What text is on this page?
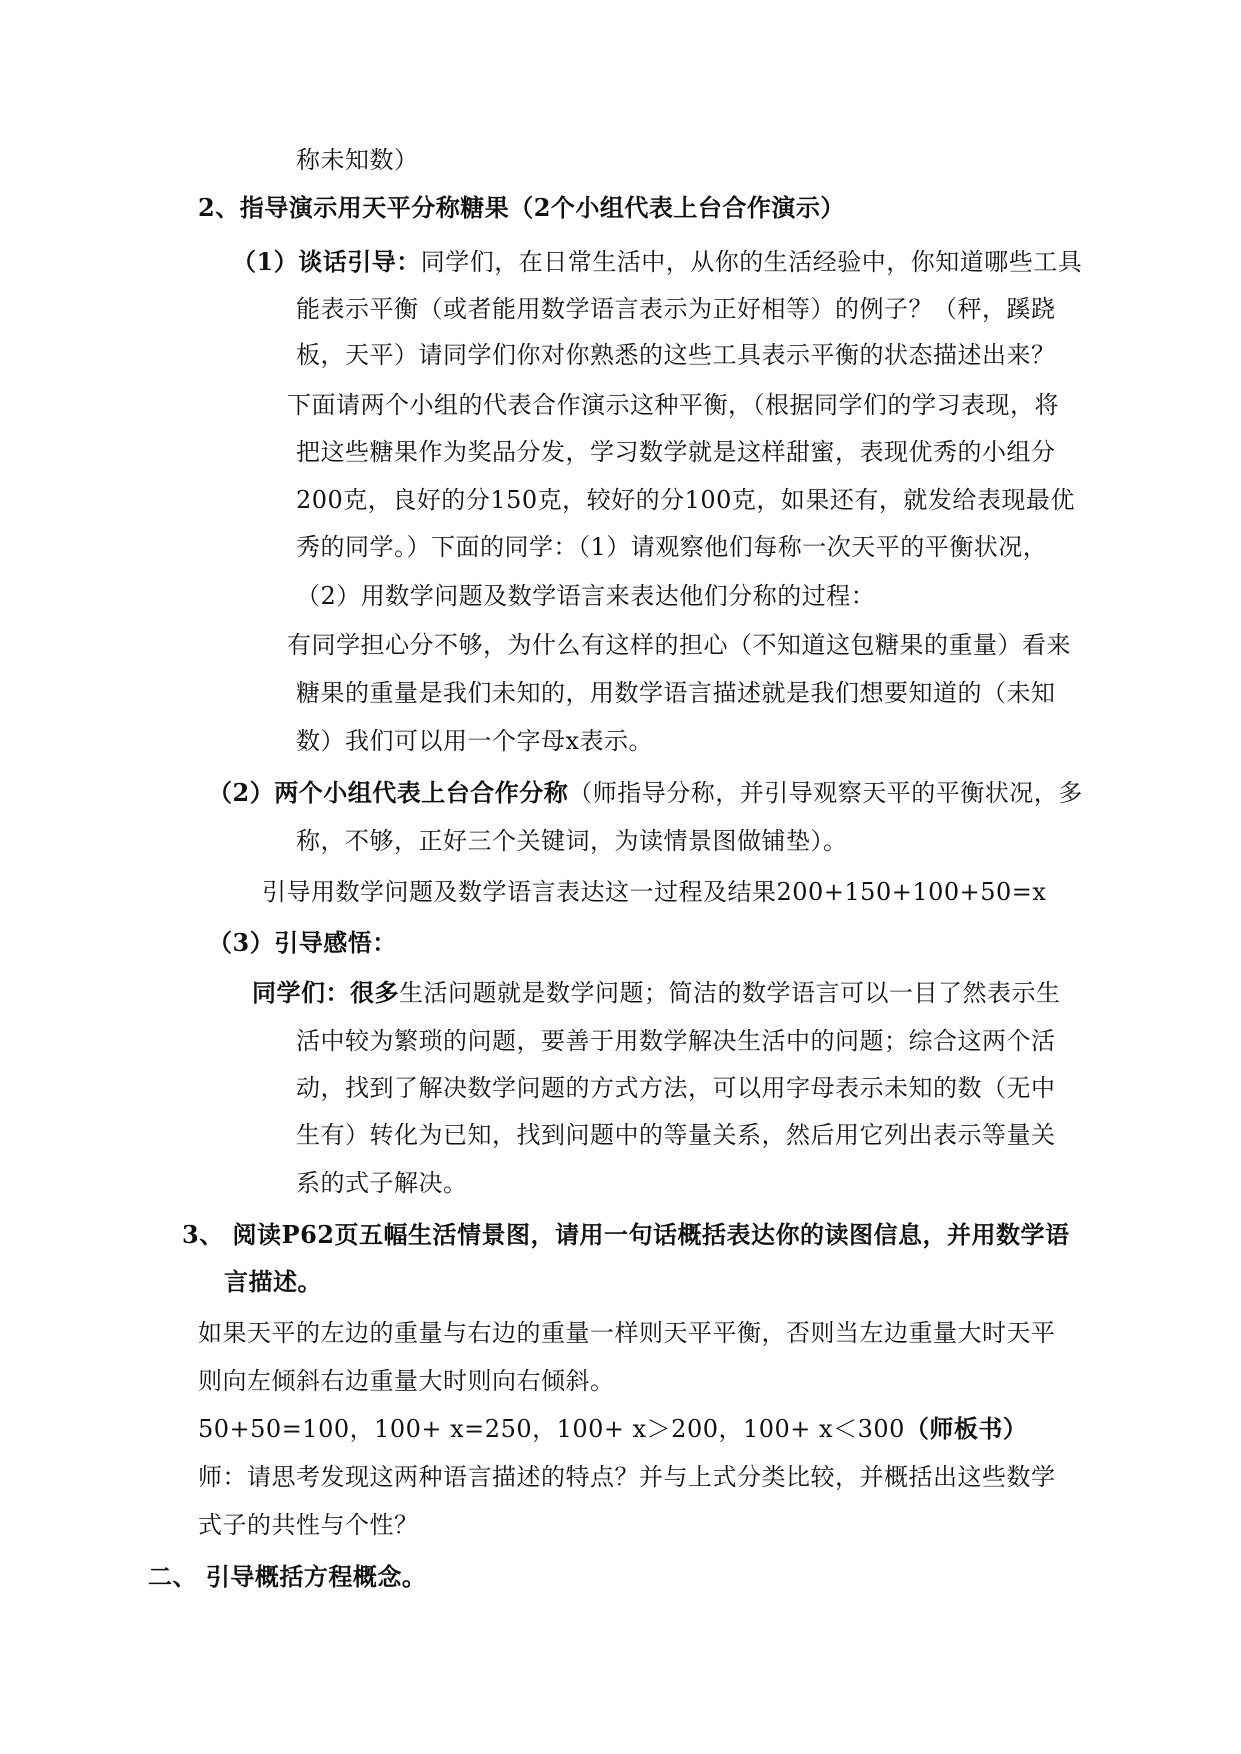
称未知数）
2、指导演示用天平分称糖果（2个小组代表上台合作演示）
（1）谈话引导：同学们，在日常生活中，从你的生活经验中，你知道哪些工具
能表示平衡（或者能用数学语言表示为正好相等）的例子？（秤，蹊跷
板，天平）请同学们你对你熟悉的这些工具表示平衡的状态描述出来？
下面请两个小组的代表合作演示这种平衡，（根据同学们的学习表现，将
把这些糖果作为奖品分发，学习数学就是这样甜蜜，表现优秀的小组分
200克，良好的分150克，较好的分100克，如果还有，就发给表现最优
秀的同学。）下面的同学：（1）请观察他们每称一次天平的平衡状况，
（2）用数学问题及数学语言来表达他们分称的过程：
有同学担心分不够，为什么有这样的担心（不知道这包糖果的重量）看来
糖果的重量是我们未知的，用数学语言描述就是我们想要知道的（未知
数）我们可以用一个字母x表示。
（2）两个小组代表上台合作分称（师指导分称，并引导观察天平的平衡状况，多
称，不够，正好三个关键词，为读情景图做铺垫）。
引导用数学问题及数学语言表达这一过程及结果200+150+100+50=x
（3）引导感悟：
同学们：很多生活问题就是数学问题；简洁的数学语言可以一目了然表示生
活中较为繁琐的问题，要善于用数学解决生活中的问题；综合这两个活
动，找到了解决数学问题的方式方法，可以用字母表示未知的数（无中
生有）转化为已知，找到问题中的等量关系，然后用它列出表示等量关
系的式子解决。
3、 阅读P62页五幅生活情景图，请用一句话概括表达你的读图信息，并用数学语
言描述。
如果天平的左边的重量与右边的重量一样则天平平衡，否则当左边重量大时天平
则向左倾斜右边重量大时则向右倾斜。
50+50=100，100+ x=250，100+ x＞200，100+ x＜300（师板书）
师：请思考发现这两种语言描述的特点？并与上式分类比较，并概括出这些数学
式子的共性与个性？
二、 引导概括方程概念。
